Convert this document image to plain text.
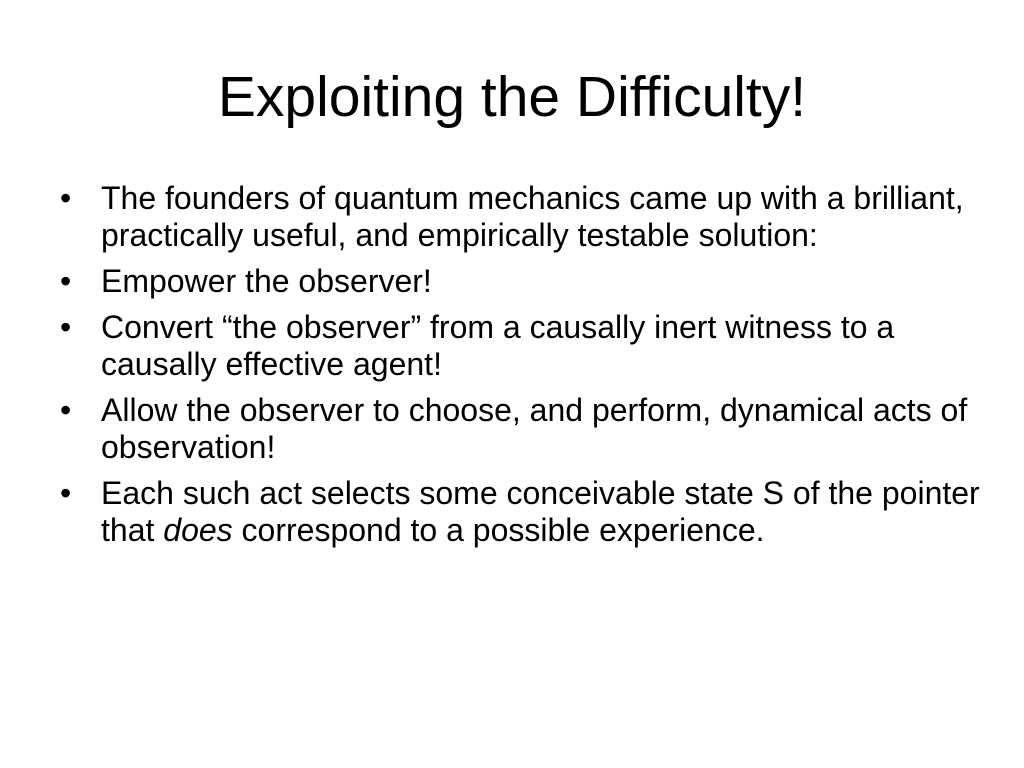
Exploiting the Difficulty!
• The founders of quantum mechanics came up with a brilliant, practically useful, and empirically testable solution:
• Empower the observer!
• Convert “the observer” from a causally inert witness to a causally effective agent!
• Allow the observer to choose, and perform, dynamical acts of observation!
• Each such act selects some conceivable state S of the pointer that does correspond to a possible experience.
